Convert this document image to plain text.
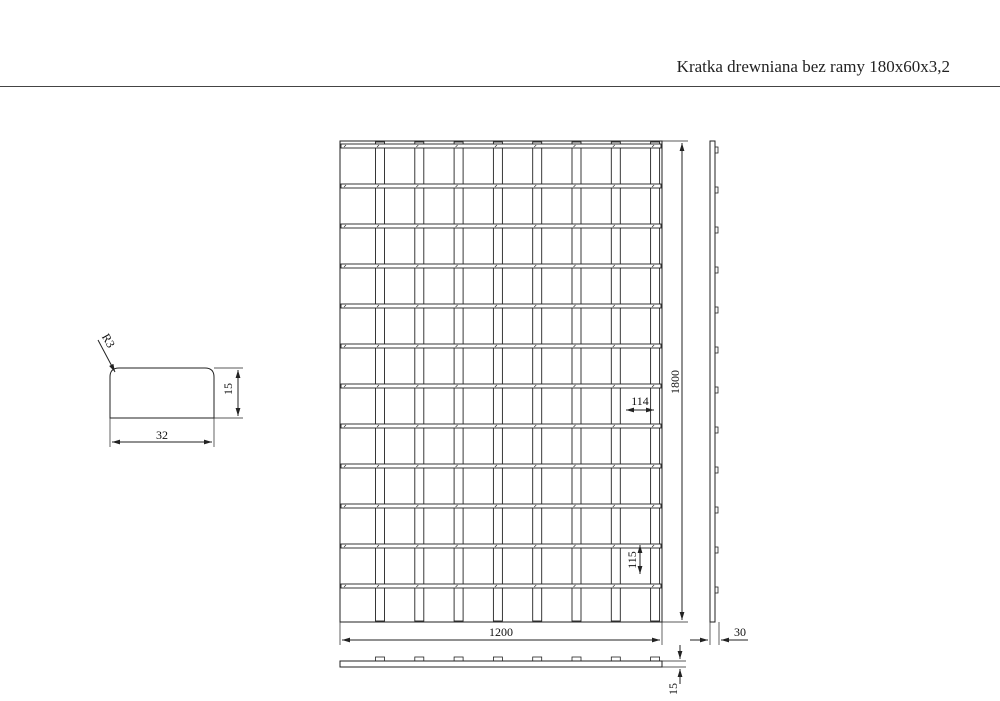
Kratka drewniana bez ramy 180x60x3,2
R3
15
32
1800
1200
114
115
30
15
